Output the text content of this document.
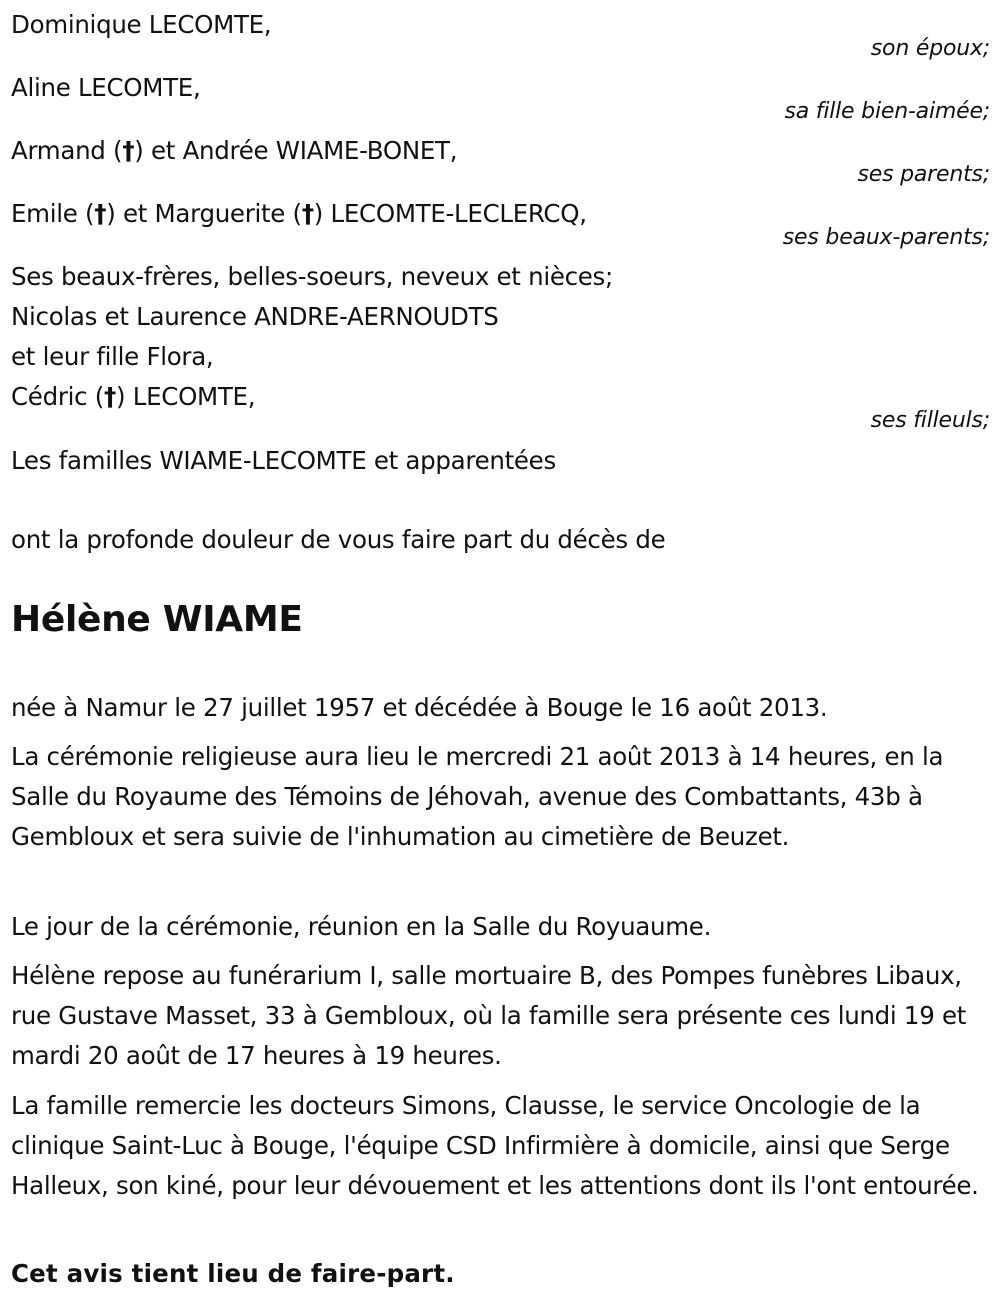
Dominique LECOMTE,
son époux;
Aline LECOMTE,
sa fille bien-aimée;
Armand (†) et Andrée WIAME-BONET,
ses parents;
Emile (†) et Marguerite (†) LECOMTE-LECLERCQ,
ses beaux-parents;
Ses beaux-frères, belles-soeurs, neveux et nièces;
Nicolas et Laurence ANDRE-AERNOUDTS
et leur fille Flora,
Cédric (†) LECOMTE,
ses filleuls;
Les familles WIAME-LECOMTE et apparentées
ont la profonde douleur de vous faire part du décès de
Hélène WIAME
née à Namur le 27 juillet 1957 et décédée à Bouge le 16 août 2013.
La cérémonie religieuse aura lieu le mercredi 21 août 2013 à 14 heures, en la Salle du Royaume des Témoins de Jéhovah, avenue des Combattants, 43b à Gembloux et sera suivie de l'inhumation au cimetière de Beuzet.
Le jour de la cérémonie, réunion en la Salle du Royuaume.
Hélène repose au funérarium I, salle mortuaire B, des Pompes funèbres Libaux, rue Gustave Masset, 33 à Gembloux, où la famille sera présente ces lundi 19 et mardi 20 août de 17 heures à 19 heures.
La famille remercie les docteurs Simons, Clausse, le service Oncologie de la clinique Saint-Luc à Bouge, l'équipe CSD Infirmière à domicile, ainsi que Serge Halleux, son kiné, pour leur dévouement et les attentions dont ils l'ont entourée.
Cet avis tient lieu de faire-part.
